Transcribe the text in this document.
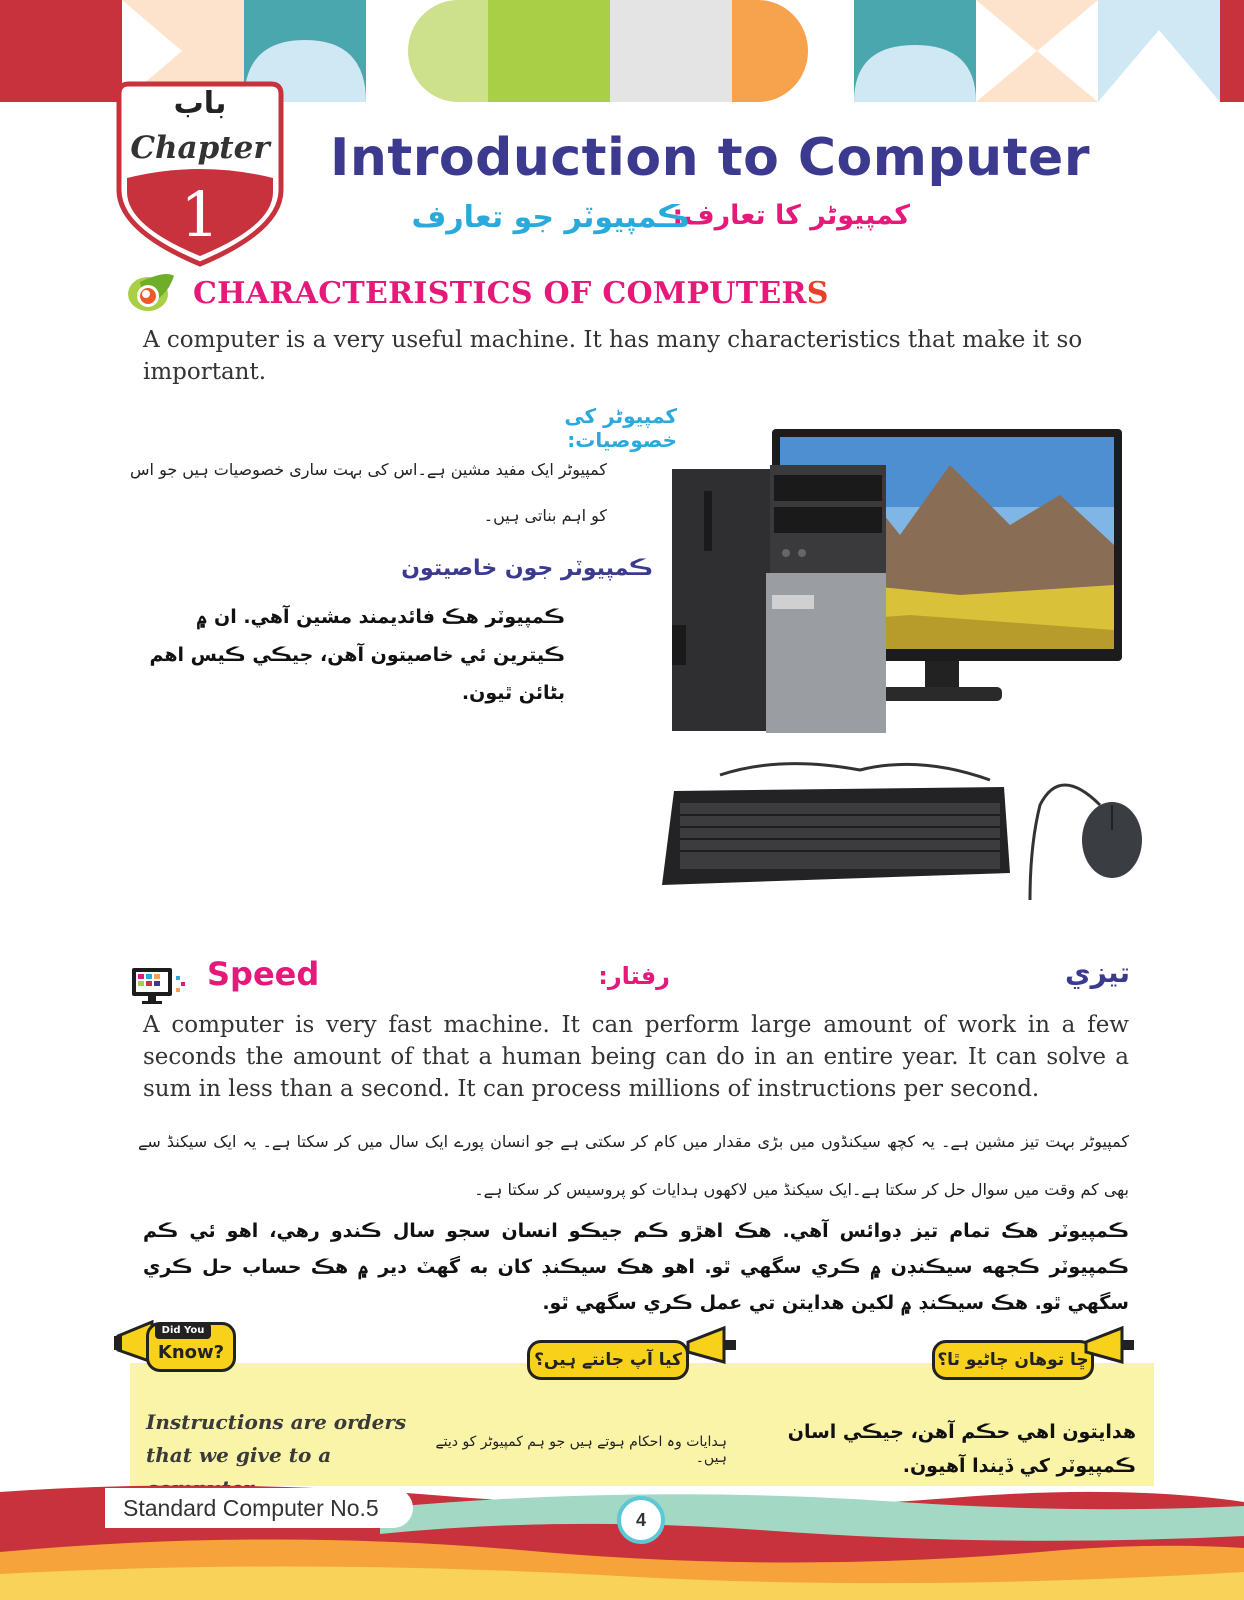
باب
Chapter
1
Introduction to Computer
کمپیوٹر کا تعارف:
ڪمپيوٽر جو تعارف
CHARACTERISTICS OF COMPUTERS
A computer is a very useful machine. It has many characteristics that make it so important.
کمپیوٹر کی خصوصیات:
کمپیوٹر ایک مفید مشین ہے۔اس کی بہت ساری خصوصیات ہیں جو اس کو اہم بناتی ہیں۔
ڪمپيوٽر جون خاصيتون
ڪمپيوٽر هڪ فائديمند مشين آهي. ان ۾ ڪيترين ئي خاصيتون آهن، جيڪي ڪيس اهم بڻائن ٿيون.
Speed	رفتار:	تيزي
A computer is very fast machine. It can perform large amount of work in a few seconds the amount of that a human being can do in an entire year. It can solve a sum in less than a second. It can process millions of instructions per second.
کمپیوٹر بہت تیز مشین ہے۔ یہ کچھ سیکنڈوں میں بڑی مقدار میں کام کر سکتی ہے جو انسان پورے ایک سال میں کر سکتا ہے۔ یہ ایک سیکنڈ سے بھی کم وقت میں سوال حل کر سکتا ہے۔ایک سیکنڈ میں لاکھوں ہدایات کو پروسیس کر سکتا ہے۔
ڪمپيوٽر هڪ تمام تيز ڊوائس آهي. هڪ اهڙو ڪم جيڪو انسان سجو سال ڪندو رهي، اهو ئي ڪم ڪمپيوٽر ڪجهه سيڪنڊن ۾ ڪري سگهي ٿو. اهو هڪ سيڪنڊ کان به گهٽ دير ۾ هڪ حساب حل ڪري سگهي ٿو. هڪ سيڪنڊ ۾ لکين هدايتن تي عمل ڪري سگهي ٿو.
Did You
Know?	کیا آپ جانتے ہیں؟	ڇا توهان ڄاڻيو ٿا؟
Instructions are orders that we give to a
ہدایات وہ احکام ہوتے ہیں جو ہم کمپیوٹر کو دیتے ہیں۔
هدايتون اهي حڪم آهن، جيڪي اسان ڪمپيوٽر کي ڏيندا آهيون.
Standard Computer No.5	4
